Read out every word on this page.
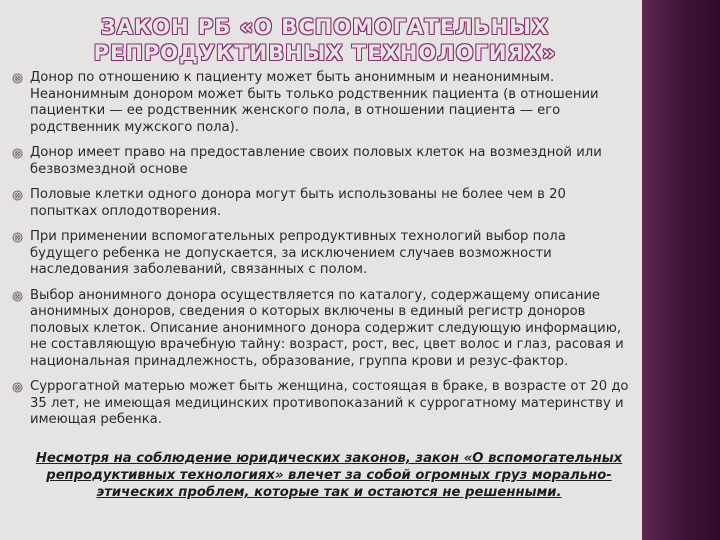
ЗАКОН РБ «О ВСПОМОГАТЕЛЬНЫХ РЕПРОДУКТИВНЫХ ТЕХНОЛОГИЯХ»
Донор по отношению к пациенту может быть анонимным и неанонимным. Неанонимным донором может быть только родственник пациента (в отношении пациентки — ее родственник женского пола, в отношении пациента — его родственник мужского пола).
Донор имеет право на предоставление своих половых клеток на возмездной или безвозмездной основе
Половые клетки одного донора могут быть использованы не более чем в 20 попытках оплодотворения.
При применении вспомогательных репродуктивных технологий выбор пола будущего ребенка не допускается, за исключением случаев возможности наследования заболеваний, связанных с полом.
Выбор анонимного донора осуществляется по каталогу, содержащему описание анонимных доноров, сведения о которых включены в единый регистр доноров половых клеток. Описание анонимного донора содержит следующую информацию, не составляющую врачебную тайну: возраст, рост, вес, цвет волос и глаз, расовая и национальная принадлежность, образование, группа крови и резус-фактор.
Суррогатной матерью может быть женщина, состоящая в браке, в возрасте от 20 до 35 лет, не имеющая медицинских противопоказаний к суррогатному материнству и имеющая ребенка.

Несмотря на соблюдение юридических законов, закон «О вспомогательных репродуктивных технологиях» влечет за собой огромных груз морально-этических проблем, которые так и остаются не решенными.
